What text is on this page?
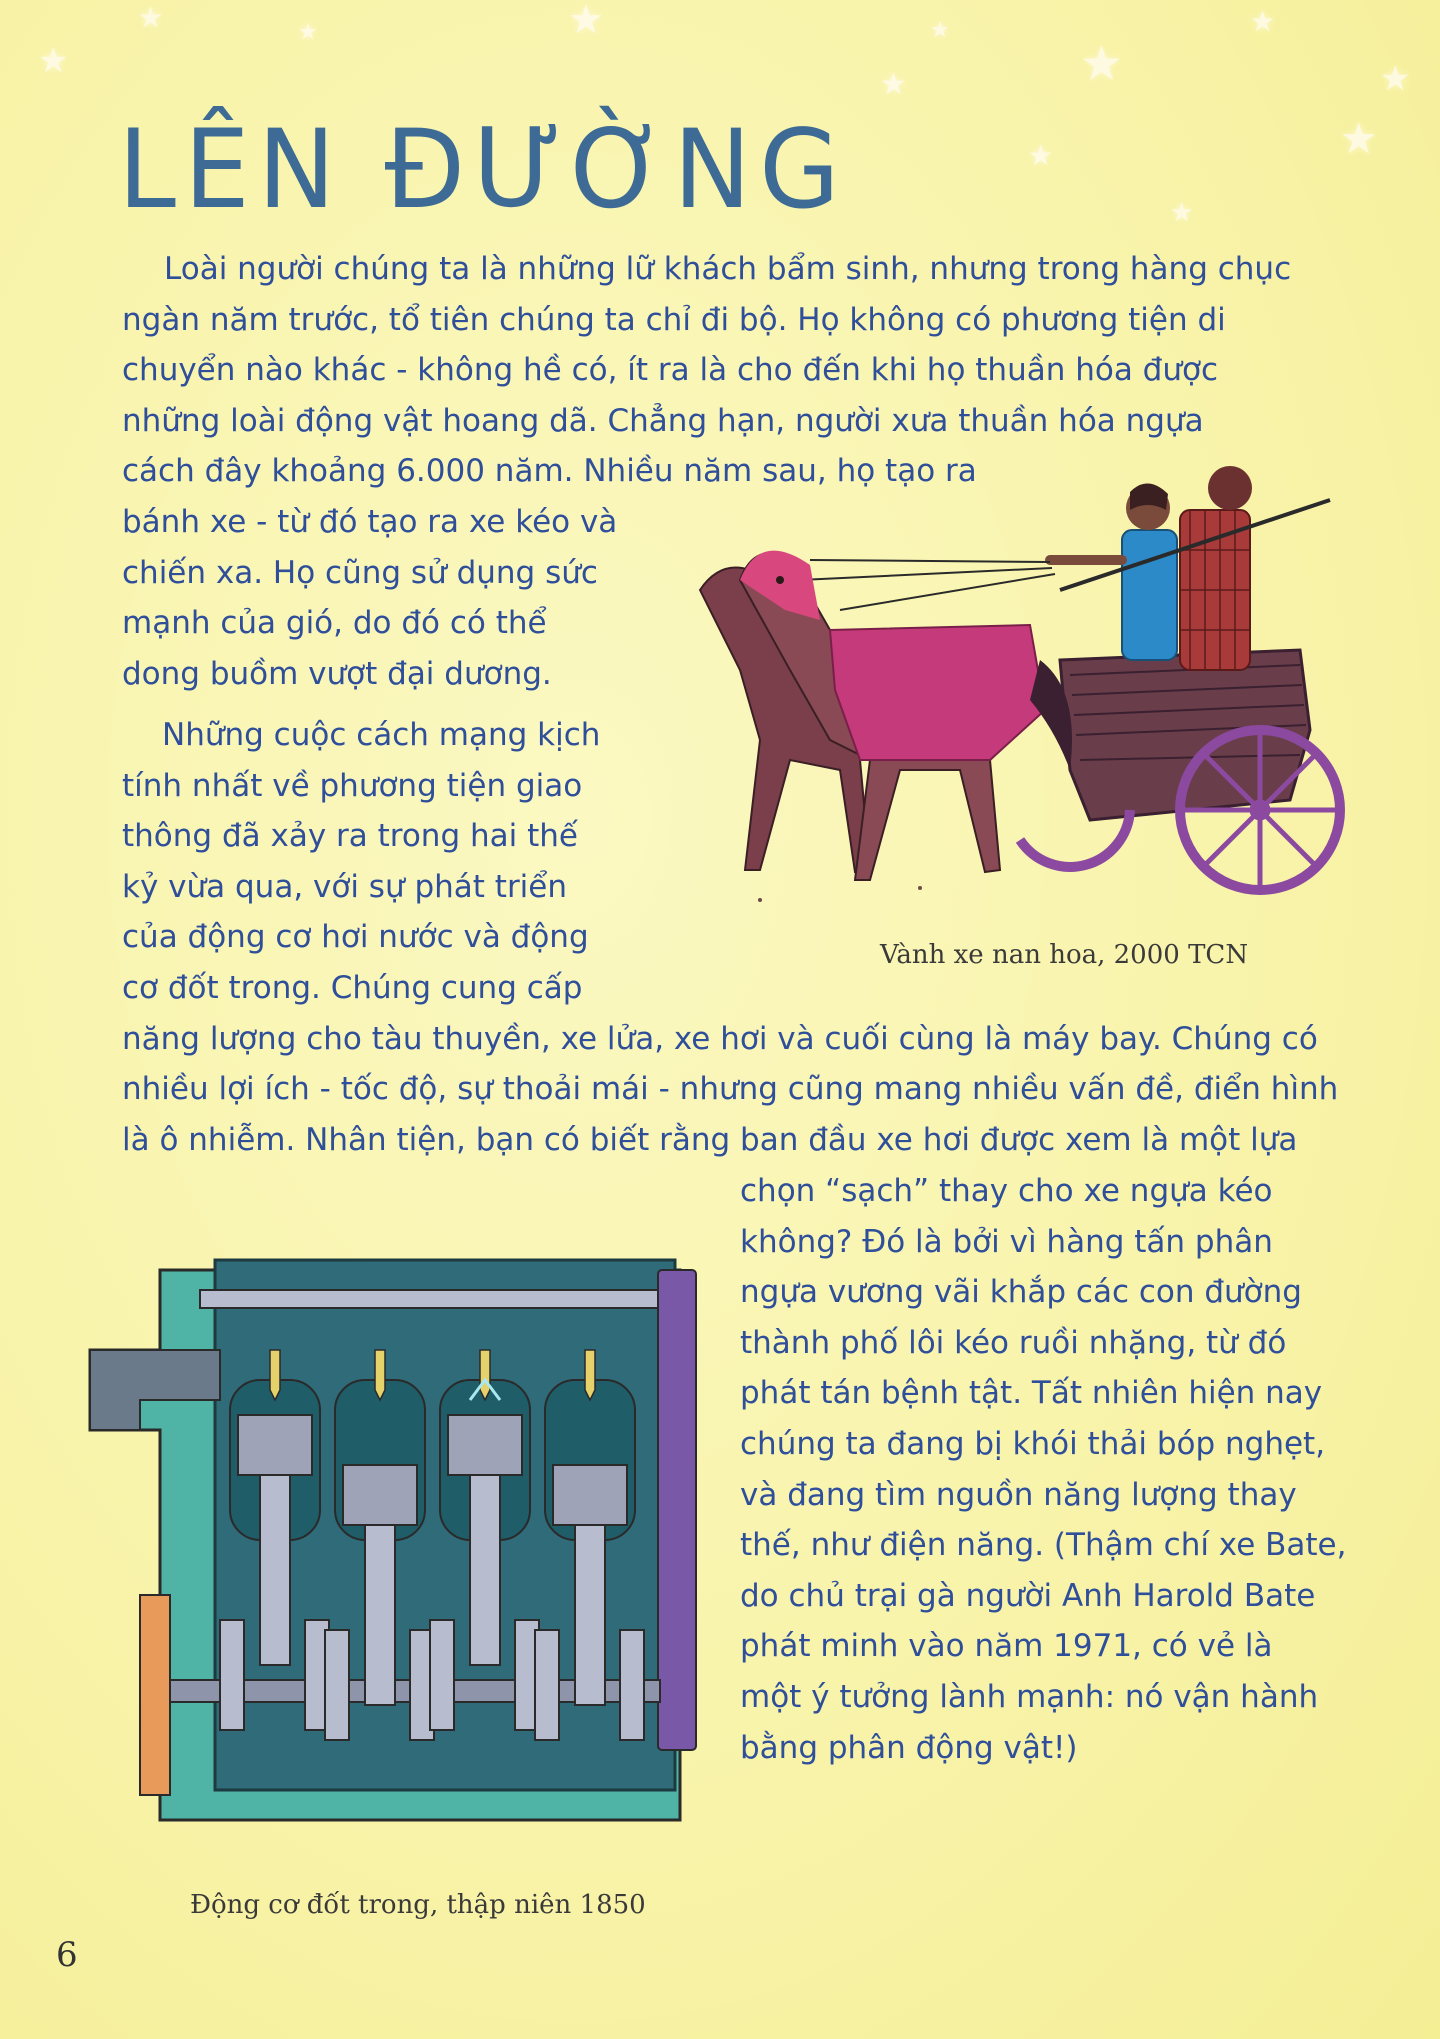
★
★	★	★
★	★
★
★
★
★
★
★
LÊN ĐƯỜNG

Loài người chúng ta là những lữ khách bẩm sinh, nhưng trong hàng chục
ngàn năm trước, tổ tiên chúng ta chỉ đi bộ. Họ không có phương tiện di
chuyển nào khác - không hề có, ít ra là cho đến khi họ thuần hóa được
những loài động vật hoang dã. Chẳng hạn, người xưa thuần hóa ngựa
cách đây khoảng 6.000 năm. Nhiều năm sau, họ tạo ra
bánh xe - từ đó tạo ra xe kéo và
chiến xa. Họ cũng sử dụng sức
mạnh của gió, do đó có thể
dong buồm vượt đại dương.

Những cuộc cách mạng kịch
tính nhất về phương tiện giao
thông đã xảy ra trong hai thế
kỷ vừa qua, với sự phát triển
của động cơ hơi nước và động
cơ đốt trong. Chúng cung cấp
năng lượng cho tàu thuyền, xe lửa, xe hơi và cuối cùng là máy bay. Chúng có
nhiều lợi ích - tốc độ, sự thoải mái - nhưng cũng mang nhiều vấn đề, điển hình
là ô nhiễm. Nhân tiện, bạn có biết rằng ban đầu xe hơi được xem là một lựa

chọn “sạch” thay cho xe ngựa kéo
không? Đó là bởi vì hàng tấn phân
ngựa vương vãi khắp các con đường
thành phố lôi kéo ruồi nhặng, từ đó
phát tán bệnh tật. Tất nhiên hiện nay
chúng ta đang bị khói thải bóp nghẹt,
và đang tìm nguồn năng lượng thay
thế, như điện năng. (Thậm chí xe Bate,
do chủ trại gà người Anh Harold Bate
phát minh vào năm 1971, có vẻ là
một ý tưởng lành mạnh: nó vận hành
bằng phân động vật!)

Vành xe nan hoa, 2000 TCN

Động cơ đốt trong, thập niên 1850

6
